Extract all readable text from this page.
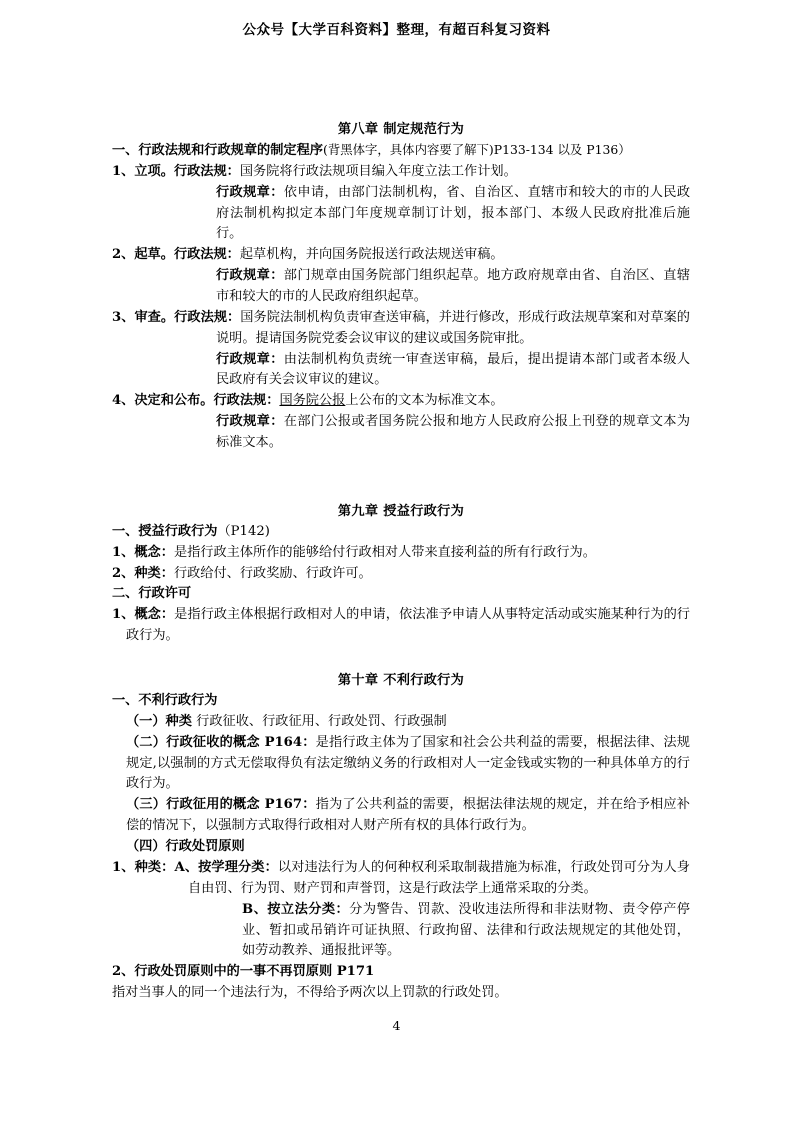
公众号【大学百科资料】整理，有超百科复习资料
第八章 制定规范行为

一、行政法规和行政规章的制定程序(背黑体字，具体内容要了解下)P133-134 以及 P136）

1、立项。行政法规：国务院将行政法规项目编入年度立法工作计划。

行政规章：依申请，由部门法制机构，省、自治区、直辖市和较大的市的人民政府法制机构拟定本部门年度规章制订计划，报本部门、本级人民政府批准后施行。

2、起草。行政法规：起草机构，并向国务院报送行政法规送审稿。

行政规章：部门规章由国务院部门组织起草。地方政府规章由省、自治区、直辖市和较大的市的人民政府组织起草。

3、审查。行政法规：国务院法制机构负责审查送审稿，并进行修改，形成行政法规草案和对草案的说明。提请国务院党委会议审议的建议或国务院审批。

行政规章：由法制机构负责统一审查送审稿，最后，提出提请本部门或者本级人民政府有关会议审议的建议。

4、决定和公布。行政法规：国务院公报上公布的文本为标准文本。

行政规章：在部门公报或者国务院公报和地方人民政府公报上刊登的规章文本为标准文本。

第九章 授益行政行为

一、授益行政行为（P142)

1、概念：是指行政主体所作的能够给付行政相对人带来直接利益的所有行政行为。

2、种类：行政给付、行政奖励、行政许可。

二、行政许可

1、概念：是指行政主体根据行政相对人的申请，依法准予申请人从事特定活动或实施某种行为的行政行为。

第十章 不利行政行为

一、不利行政行为

（一）种类 行政征收、行政征用、行政处罚、行政强制

（二）行政征收的概念 P164：是指行政主体为了国家和社会公共利益的需要，根据法律、法规规定,以强制的方式无偿取得负有法定缴纳义务的行政相对人一定金钱或实物的一种具体单方的行政行为。

（三）行政征用的概念 P167：指为了公共利益的需要，根据法律法规的规定，并在给予相应补偿的情况下，以强制方式取得行政相对人财产所有权的具体行政行为。

（四）行政处罚原则

1、种类：A、按学理分类：以对违法行为人的何种权利采取制裁措施为标准，行政处罚可分为人身自由罚、行为罚、财产罚和声誉罚，这是行政法学上通常采取的分类。

B、按立法分类：分为警告、罚款、没收违法所得和非法财物、责令停产停业、暂扣或吊销许可证执照、行政拘留、法律和行政法规规定的其他处罚，如劳动教养、通报批评等。

2、行政处罚原则中的一事不再罚原则 P171

指对当事人的同一个违法行为，不得给予两次以上罚款的行政处罚。

4
